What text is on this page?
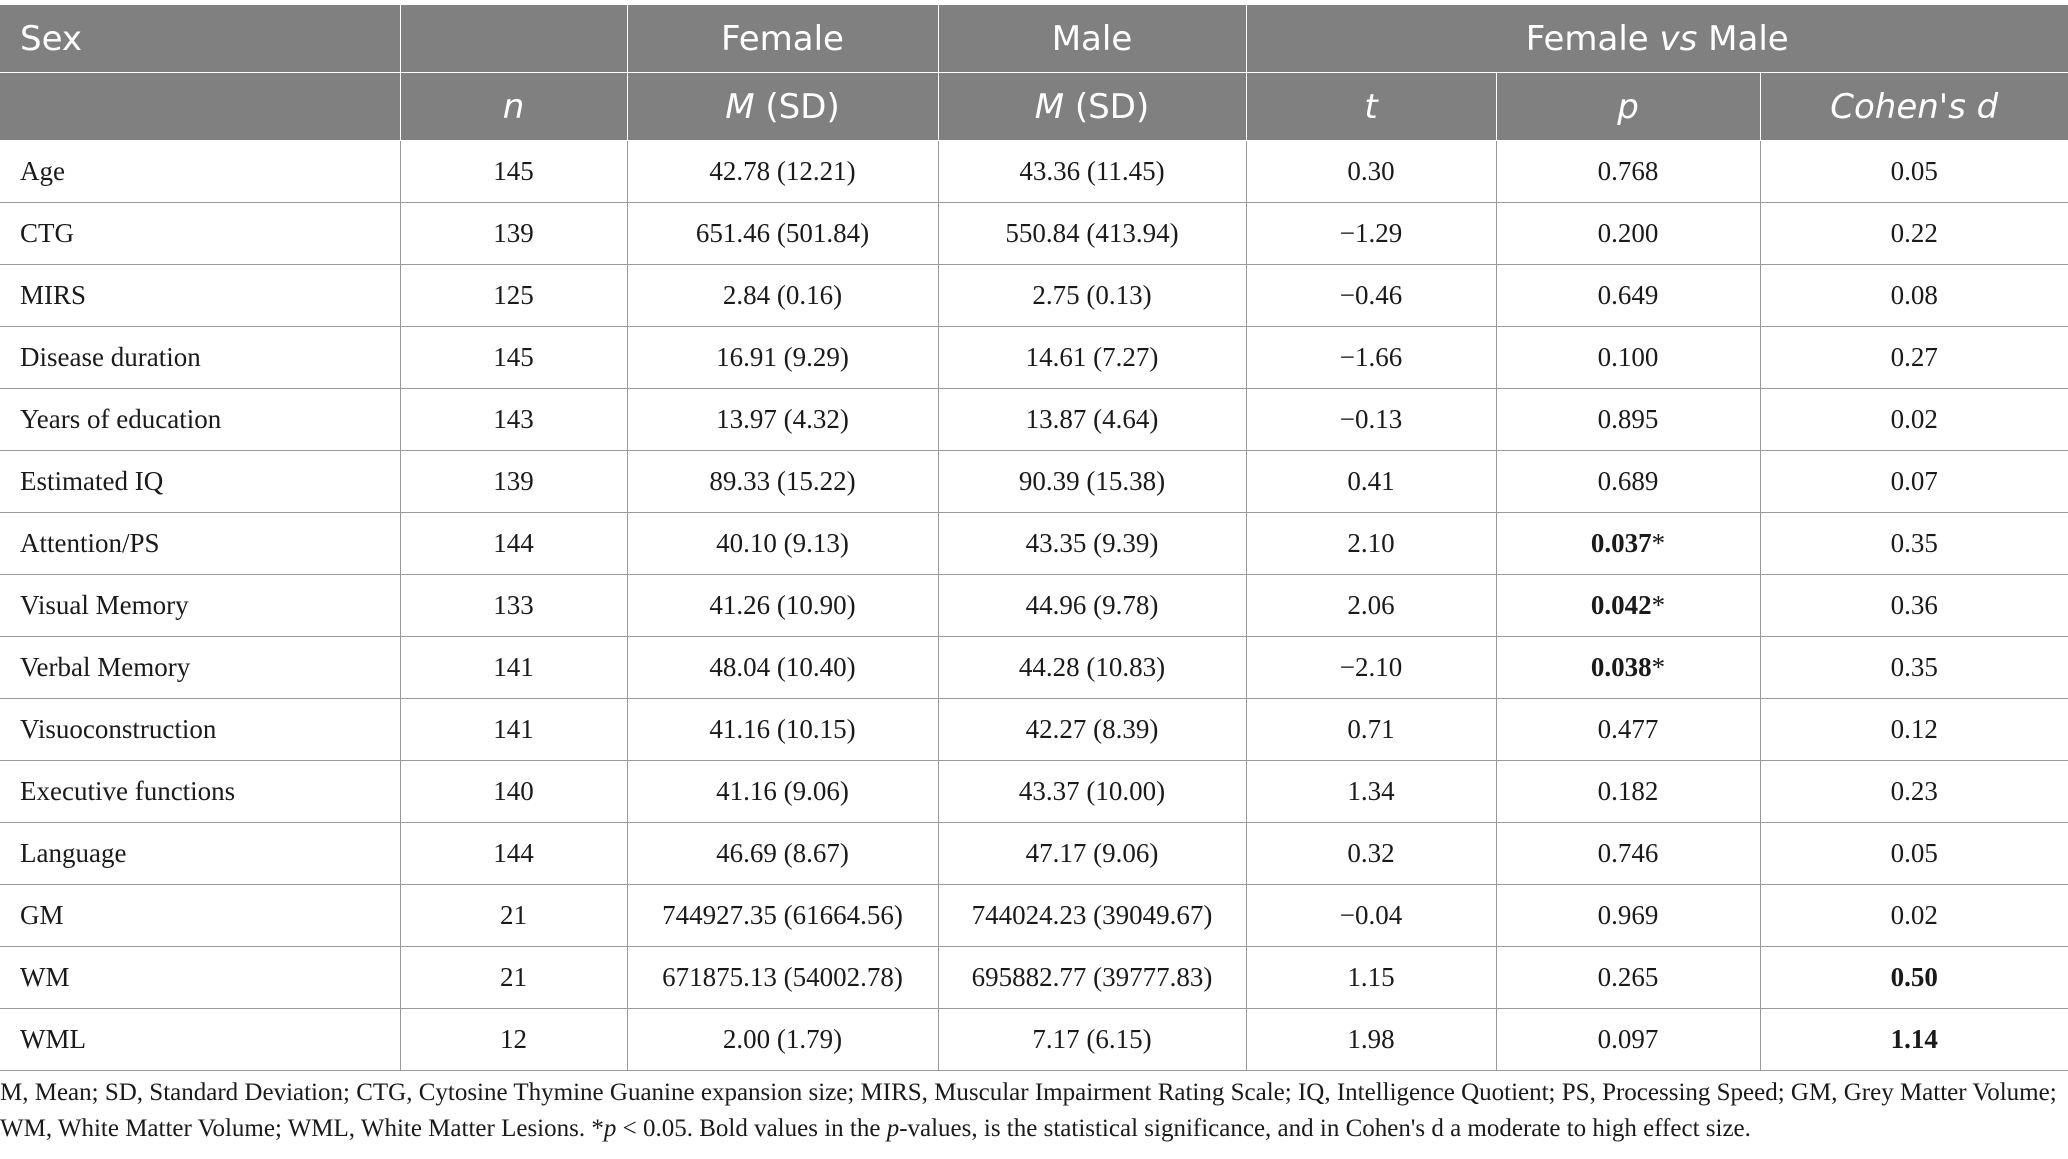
Sex		Female	Male	Female vs Male		
	n	M (SD)	M (SD)	t	p	Cohen's d
Age	145	42.78 (12.21)	43.36 (11.45)	0.30	0.768	0.05
CTG	139	651.46 (501.84)	550.84 (413.94)	−1.29	0.200	0.22
MIRS	125	2.84 (0.16)	2.75 (0.13)	−0.46	0.649	0.08
Disease duration	145	16.91 (9.29)	14.61 (7.27)	−1.66	0.100	0.27
Years of education	143	13.97 (4.32)	13.87 (4.64)	−0.13	0.895	0.02
Estimated IQ	139	89.33 (15.22)	90.39 (15.38)	0.41	0.689	0.07
Attention/PS	144	40.10 (9.13)	43.35 (9.39)	2.10	0.037*	0.35
Visual Memory	133	41.26 (10.90)	44.96 (9.78)	2.06	0.042*	0.36
Verbal Memory	141	48.04 (10.40)	44.28 (10.83)	−2.10	0.038*	0.35
Visuoconstruction	141	41.16 (10.15)	42.27 (8.39)	0.71	0.477	0.12
Executive functions	140	41.16 (9.06)	43.37 (10.00)	1.34	0.182	0.23
Language	144	46.69 (8.67)	47.17 (9.06)	0.32	0.746	0.05
GM	21	744927.35 (61664.56)	744024.23 (39049.67)	−0.04	0.969	0.02
WM	21	671875.13 (54002.78)	695882.77 (39777.83)	1.15	0.265	0.50
WML	12	2.00 (1.79)	7.17 (6.15)	1.98	0.097	1.14
M, Mean; SD, Standard Deviation; CTG, Cytosine Thymine Guanine expansion size; MIRS, Muscular Impairment Rating Scale; IQ, Intelligence Quotient; PS, Processing Speed; GM, Grey Matter Volume; WM, White Matter Volume; WML, White Matter Lesions. *p < 0.05. Bold values in the p-values, is the statistical significance, and in Cohen's d a moderate to high effect size.
